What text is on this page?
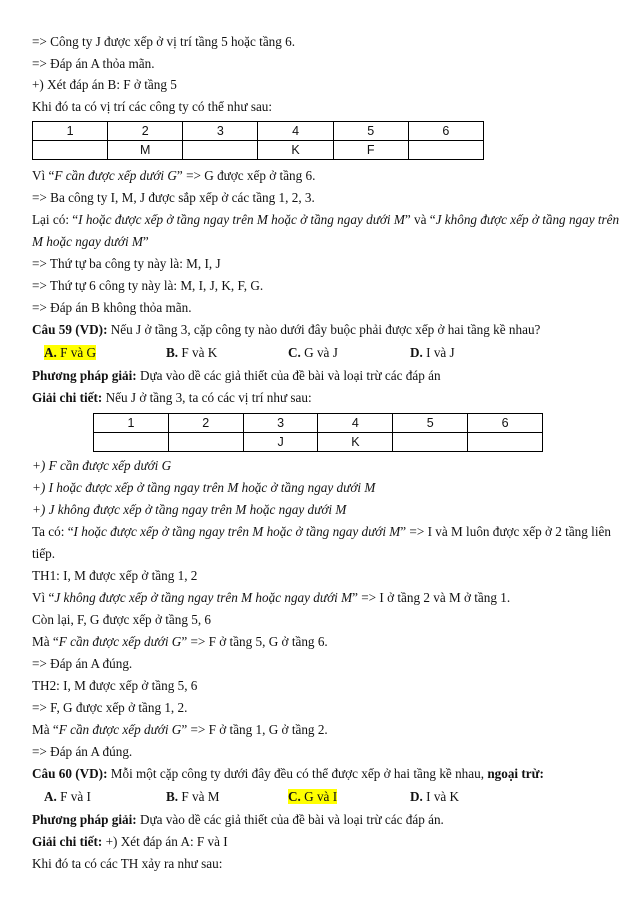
=> Công ty J được xếp ở vị trí tầng 5 hoặc tầng 6.
=> Đáp án A thỏa mãn.
+) Xét đáp án B: F ở tầng 5
Khi đó ta có vị trí các công ty có thể như sau:
1	2	3	4	5	6
	M		K	F	
Vì “F cần được xếp dưới G” => G được xếp ở tầng 6.
=> Ba công ty I, M, J được sắp xếp ở các tầng 1, 2, 3.
Lại có: “I hoặc được xếp ở tầng ngay trên M hoặc ở tầng ngay dưới M” và “J không được xếp ở tầng ngay trên
M hoặc ngay dưới M”
=> Thứ tự ba công ty này là: M, I, J
=> Thứ tự 6 công ty này là: M, I, J, K, F, G.
=> Đáp án B không thỏa mãn.
Câu 59 (VD): Nếu J ở tầng 3, cặp công ty nào dưới đây buộc phải được xếp ở hai tầng kề nhau?
A. F và G	B. F và K	C. G và J	D. I và J
Phương pháp giải: Dựa vào dề các giả thiết của đề bài và loại trừ các đáp án
Giải chi tiết: Nếu J ở tầng 3, ta có các vị trí như sau:
1	2	3	4	5	6
		J	K		
+) F cần được xếp dưới G
+) I hoặc được xếp ở tầng ngay trên M hoặc ở tầng ngay dưới M
+) J không được xếp ở tầng ngay trên M hoặc ngay dưới M
Ta có: “I hoặc được xếp ở tầng ngay trên M hoặc ở tầng ngay dưới M” => I và M luôn được xếp ở 2 tầng liên
tiếp.
TH1: I, M được xếp ở tầng 1, 2
Vì “J không được xếp ở tầng ngay trên M hoặc ngay dưới M” => I ở tầng 2 và M ở tầng 1.
Còn lại, F, G được xếp ở tầng 5, 6
Mà “F cần được xếp dưới G” => F ở tầng 5, G ở tầng 6.
=> Đáp án A đúng.
TH2: I, M được xếp ở tầng 5, 6
=> F, G được xếp ở tầng 1, 2.
Mà “F cần được xếp dưới G” => F ở tầng 1, G ở tầng 2.
=> Đáp án A đúng.
Câu 60 (VD): Mỗi một cặp công ty dưới đây đều có thể được xếp ở hai tầng kề nhau, ngoại trừ:
A. F và I	B. F và M	C. G và I	D. I và K
Phương pháp giải: Dựa vào dề các giả thiết của đề bài và loại trừ các đáp án.
Giải chi tiết: +) Xét đáp án A: F và I
Khi đó ta có các TH xảy ra như sau:
